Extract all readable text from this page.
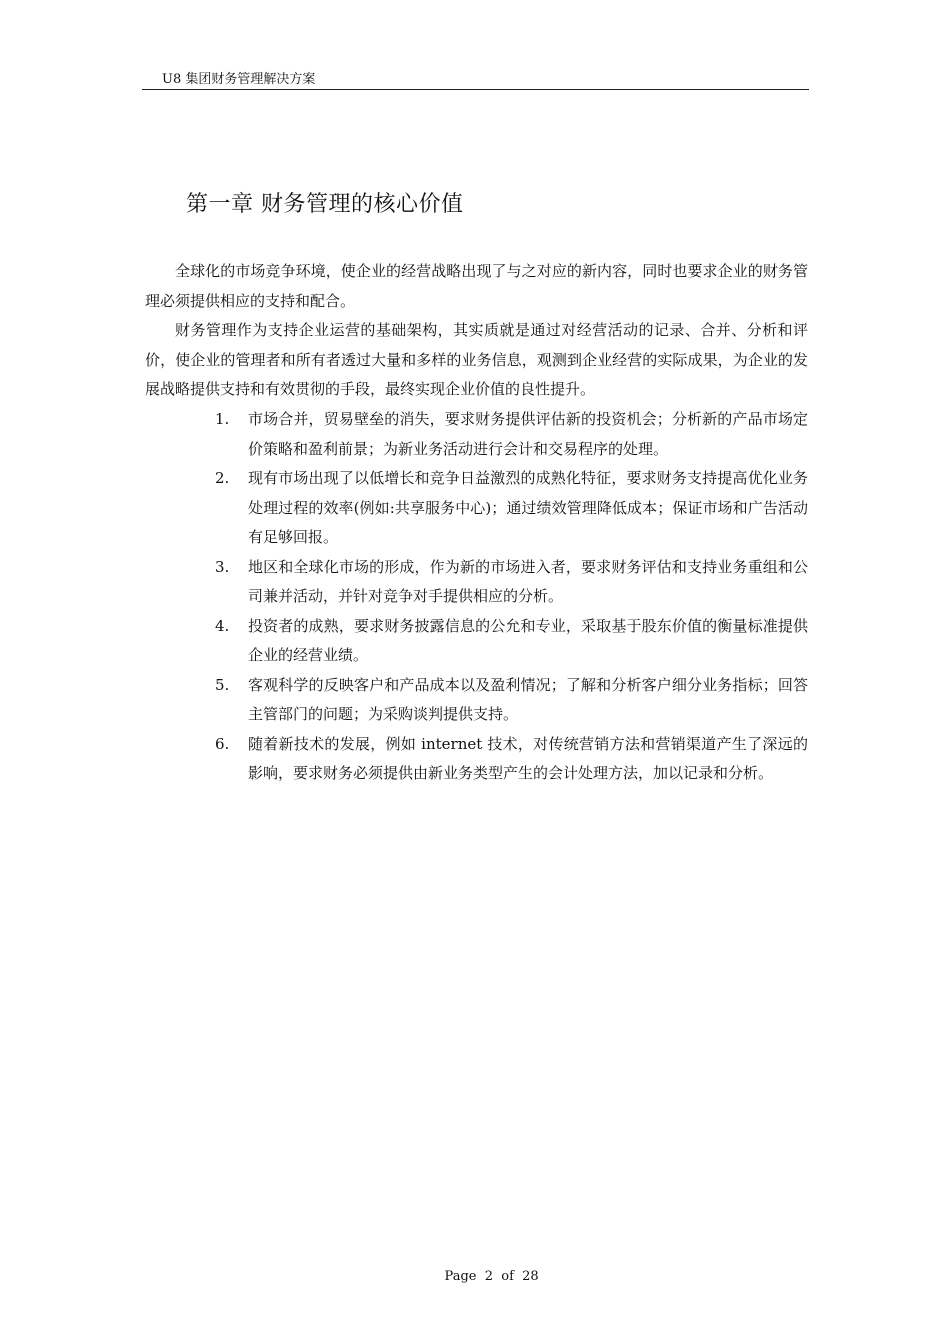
U8 集团财务管理解决方案
第一章 财务管理的核心价值

全球化的市场竞争环境，使企业的经营战略出现了与之对应的新内容，同时也要求企业的财务管理必须提供相应的支持和配合。

财务管理作为支持企业运营的基础架构，其实质就是通过对经营活动的记录、合并、分析和评价，使企业的管理者和所有者透过大量和多样的业务信息，观测到企业经营的实际成果，为企业的发展战略提供支持和有效贯彻的手段，最终实现企业价值的良性提升。

1.	市场合并，贸易壁垒的消失，要求财务提供评估新的投资机会；分析新的产品市场定价策略和盈利前景；为新业务活动进行会计和交易程序的处理。
2.	现有市场出现了以低增长和竞争日益激烈的成熟化特征，要求财务支持提高优化业务处理过程的效率(例如:共享服务中心)；通过绩效管理降低成本；保证市场和广告活动有足够回报。
3.	地区和全球化市场的形成，作为新的市场进入者，要求财务评估和支持业务重组和公司兼并活动，并针对竞争对手提供相应的分析。
4.	投资者的成熟，要求财务披露信息的公允和专业，采取基于股东价值的衡量标准提供企业的经营业绩。
5.	客观科学的反映客户和产品成本以及盈利情况；了解和分析客户细分业务指标；回答主管部门的问题；为采购谈判提供支持。
6.	随着新技术的发展，例如 internet 技术，对传统营销方法和营销渠道产生了深远的影响，要求财务必须提供由新业务类型产生的会计处理方法，加以记录和分析。

Page  2  of  28
